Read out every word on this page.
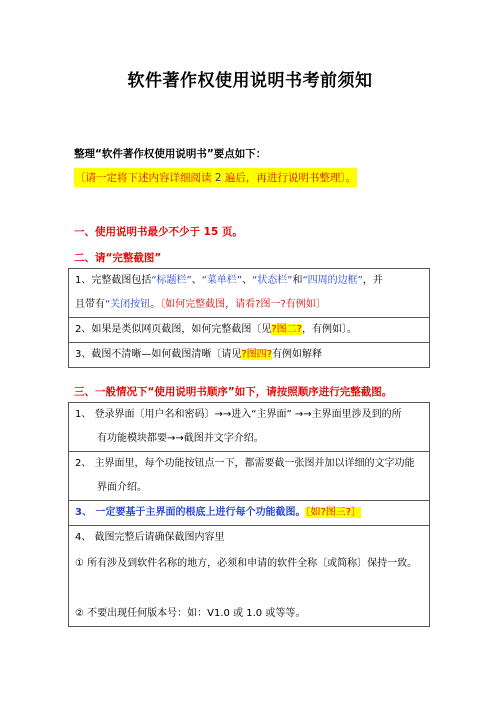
软件著作权使用说明书考前须知
整理“软件著作权使用说明书”要点如下：
〔请一定将下述内容详细阅读 2 遍后，再进行说明书整理〕。
一、使用说明书最少不少于 15 页。
二、请“完整截图”
1、完整截图包括“标题栏”、“菜单栏”、“状态栏”和“四周的边框”，并
且带有“关闭按钮。〔如何完整截图，请看?图一?有例如〕
2、如果是类似网页截图，如何完整截图〔见?图二?，有例如〕。
3、截图不清晰—如何截图清晰〔请见?图四?有例如解释
三、一般情况下“使用说明书顺序”如下，请按照顺序进行完整截图。
1、 登录界面〔用户名和密码〕→→进入“主界面” →→主界面里涉及到的所
有功能模块都要→→截图并文字介绍。
2、 主界面里，每个功能按钮点一下，都需要截一张图并加以详细的文字功能
界面介绍。
3、 一定要基于主界面的根底上进行每个功能截图。〔如?图三?〕
4、 截图完整后请确保截图内容里
① 所有涉及到软件名称的地方，必须和申请的软件全称〔或简称〕保持一致。
② 不要出现任何版本号：如：V1.0 或 1.0 或等等。
